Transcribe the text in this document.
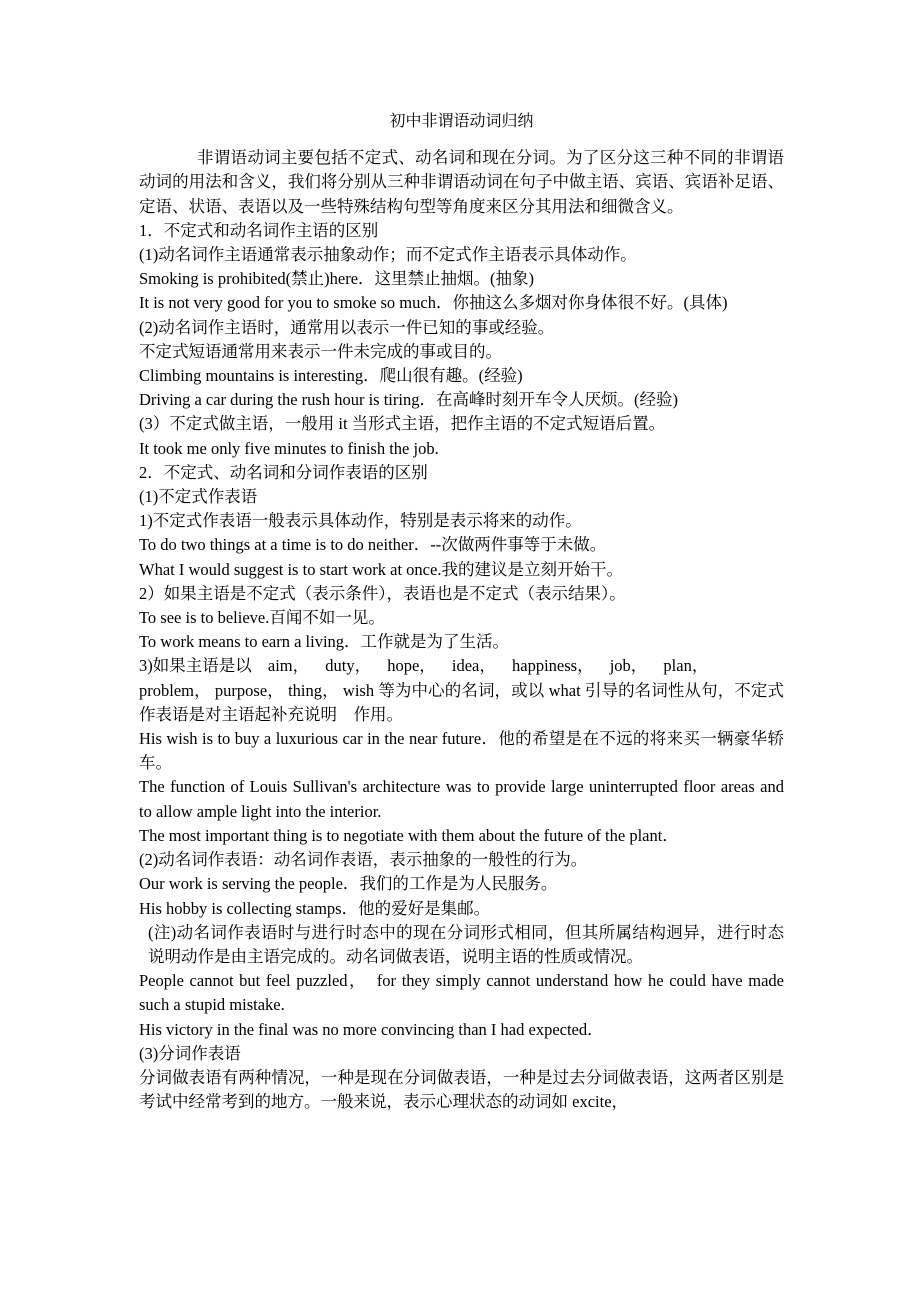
初中非谓语动词归纳
非谓语动词主要包括不定式、动名词和现在分词。为了区分这三种不同的非谓语动词的用法和含义，我们将分别从三种非谓语动词在句子中做主语、宾语、宾语补足语、定语、状语、表语以及一些特殊结构句型等角度来区分其用法和细微含义。
1．不定式和动名词作主语的区别
(1)动名词作主语通常表示抽象动作；而不定式作主语表示具体动作。
Smoking is prohibited(禁止)here．这里禁止抽烟。(抽象)
It is not very good for you to smoke so much．你抽这么多烟对你身体很不好。(具体)
(2)动名词作主语时，通常用以表示一件已知的事或经验。
不定式短语通常用来表示一件未完成的事或目的。
Climbing mountains is interesting．爬山很有趣。(经验)
Driving a car during the rush hour is tiring．在高峰时刻开车令人厌烦。(经验)
(3）不定式做主语，一般用 it 当形式主语，把作主语的不定式短语后置。
It took me only five minutes to finish the job.
2．不定式、动名词和分词作表语的区别
(1)不定式作表语
1)不定式作表语一般表示具体动作，特别是表示将来的动作。
To do two things at a time is to do neither．--次做两件事等于未做。
What I would suggest is to start work at once.我的建议是立刻开始干。
2）如果主语是不定式（表示条件），表语也是不定式（表示结果）。
To see is to believe.百闻不如一见。
To work means to earn a living．工作就是为了生活。
3)如果主语是以 aim， duty， hope， idea， happiness， job， plan，
problem， purpose， thing， wish 等为中心的名词，或以 what 引导的名词性从句，不定式作表语是对主语起补充说明　作用。
His wish is to buy a luxurious car in the near future．他的希望是在不远的将来买一辆豪华轿车。
The function of Louis Sullivan's architecture was to provide large uninterrupted floor areas and to allow ample light into the interior.
The most important thing is to negotiate with them about the future of the plant．
(2)动名词作表语：动名词作表语，表示抽象的一般性的行为。
Our work is serving the people．我们的工作是为人民服务。
His hobby is collecting stamps．他的爱好是集邮。
(注)动名词作表语时与进行时态中的现在分词形式相同，但其所属结构迥异，进行时态说明动作是由主语完成的。动名词做表语，说明主语的性质或情况。
People cannot but feel puzzled，　for they simply cannot understand how he could have made such a stupid mistake.
His victory in the final was no more convincing than I had expected．
(3)分词作表语
分词做表语有两种情况，一种是现在分词做表语，一种是过去分词做表语，这两者区别是考试中经常考到的地方。一般来说，表示心理状态的动词如 excite，
